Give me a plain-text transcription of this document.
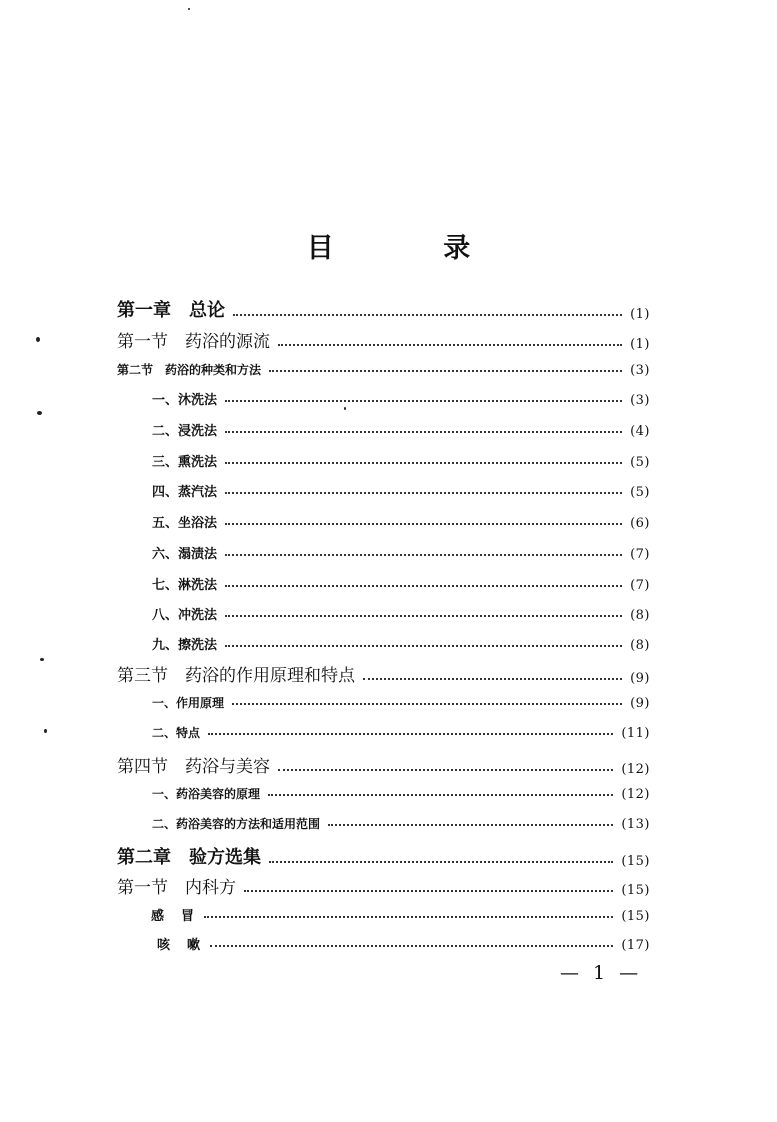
目 录
第一章　总论	(1)
第一节　药浴的源流	(1)
第二节　药浴的种类和方法	(3)
一、沐洗法	(3)
二、浸洗法	(4)
三、熏洗法	(5)
四、蒸汽法	(5)
五、坐浴法	(6)
六、溻渍法	(7)
七、淋洗法	(7)
八、冲洗法	(8)
九、擦洗法	(8)
第三节　药浴的作用原理和特点	(9)
一、作用原理	(9)
二、特点	(11)
第四节　药浴与美容	(12)
一、药浴美容的原理	(12)
二、药浴美容的方法和适用范围	(13)
第二章　验方选集	(15)
第一节　内科方	(15)
感　冒	(15)
咳　嗽	(17)
— 1 —
